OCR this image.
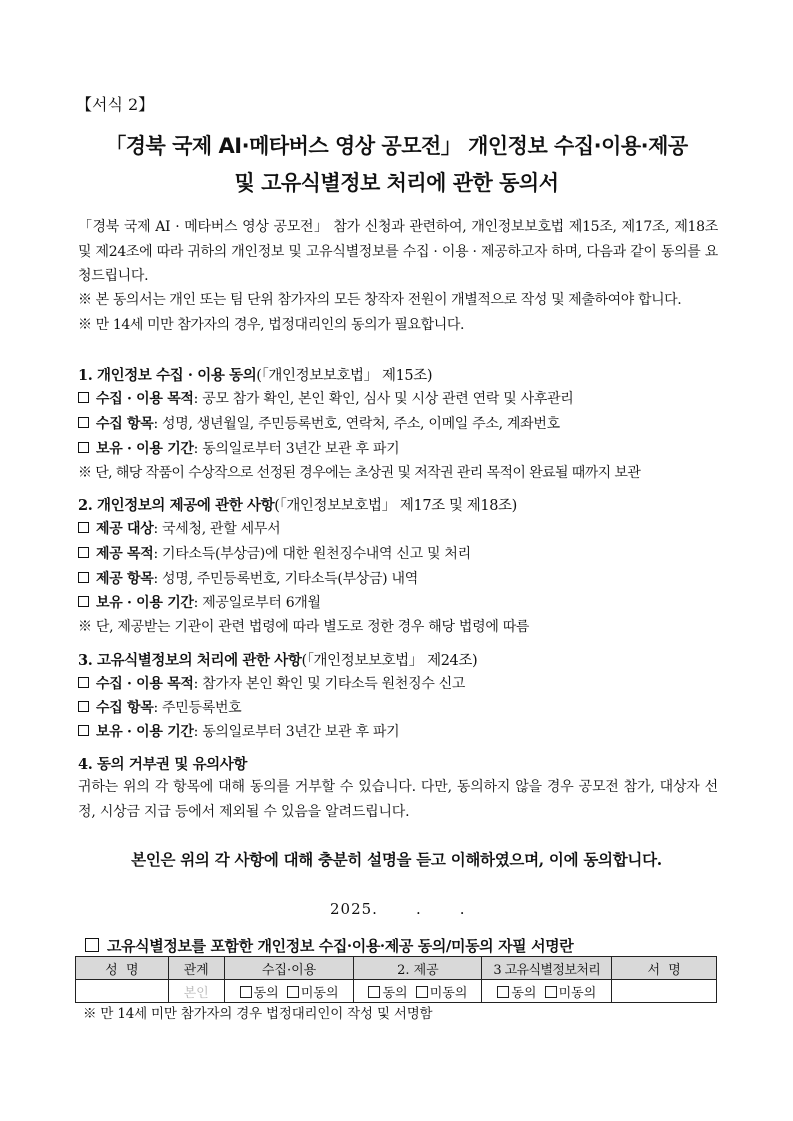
【서식 2】
「경북 국제 AI·메타버스 영상 공모전」 개인정보 수집·이용·제공
및 고유식별정보 처리에 관한 동의서
「경북 국제 AI · 메타버스 영상 공모전」 참가 신청과 관련하여, 개인정보보호법 제15조, 제17조, 제18조 및 제24조에 따라 귀하의 개인정보 및 고유식별정보를 수집 · 이용 · 제공하고자 하며, 다음과 같이 동의를 요청드립니다.
※ 본 동의서는 개인 또는 팀 단위 참가자의 모든 창작자 전원이 개별적으로 작성 및 제출하여야 합니다.
※ 만 14세 미만 참가자의 경우, 법정대리인의 동의가 필요합니다.
1. 개인정보 수집 · 이용 동의(「개인정보보호법」 제15조)
수집 · 이용 목적: 공모 참가 확인, 본인 확인, 심사 및 시상 관련 연락 및 사후관리
수집 항목: 성명, 생년월일, 주민등록번호, 연락처, 주소, 이메일 주소, 계좌번호
보유 · 이용 기간: 동의일로부터 3년간 보관 후 파기
※ 단, 해당 작품이 수상작으로 선정된 경우에는 초상권 및 저작권 관리 목적이 완료될 때까지 보관
2. 개인정보의 제공에 관한 사항(「개인정보보호법」 제17조 및 제18조)
제공 대상: 국세청, 관할 세무서
제공 목적: 기타소득(부상금)에 대한 원천징수내역 신고 및 처리
제공 항목: 성명, 주민등록번호, 기타소득(부상금) 내역
보유 · 이용 기간: 제공일로부터 6개월
※ 단, 제공받는 기관이 관련 법령에 따라 별도로 정한 경우 해당 법령에 따름
3. 고유식별정보의 처리에 관한 사항(「개인정보보호법」 제24조)
수집 · 이용 목적: 참가자 본인 확인 및 기타소득 원천징수 신고
수집 항목: 주민등록번호
보유 · 이용 기간: 동의일로부터 3년간 보관 후 파기
4. 동의 거부권 및 유의사항
귀하는 위의 각 항목에 대해 동의를 거부할 수 있습니다. 다만, 동의하지 않을 경우 공모전 참가, 대상자 선정, 시상금 지급 등에서 제외될 수 있음을 알려드립니다.
본인은 위의 각 사항에 대해 충분히 설명을 듣고 이해하였으며, 이에 동의합니다.
2025.	.	.
고유식별정보를 포함한 개인정보 수집·이용·제공 동의/미동의 자필 서명란
성  명	관계	수집·이용	2. 제공	3 고유식별정보처리	서  명
	본인	동의 미동의	동의 미동의	동의 미동의	
※ 만 14세 미만 참가자의 경우 법정대리인이 작성 및 서명함
